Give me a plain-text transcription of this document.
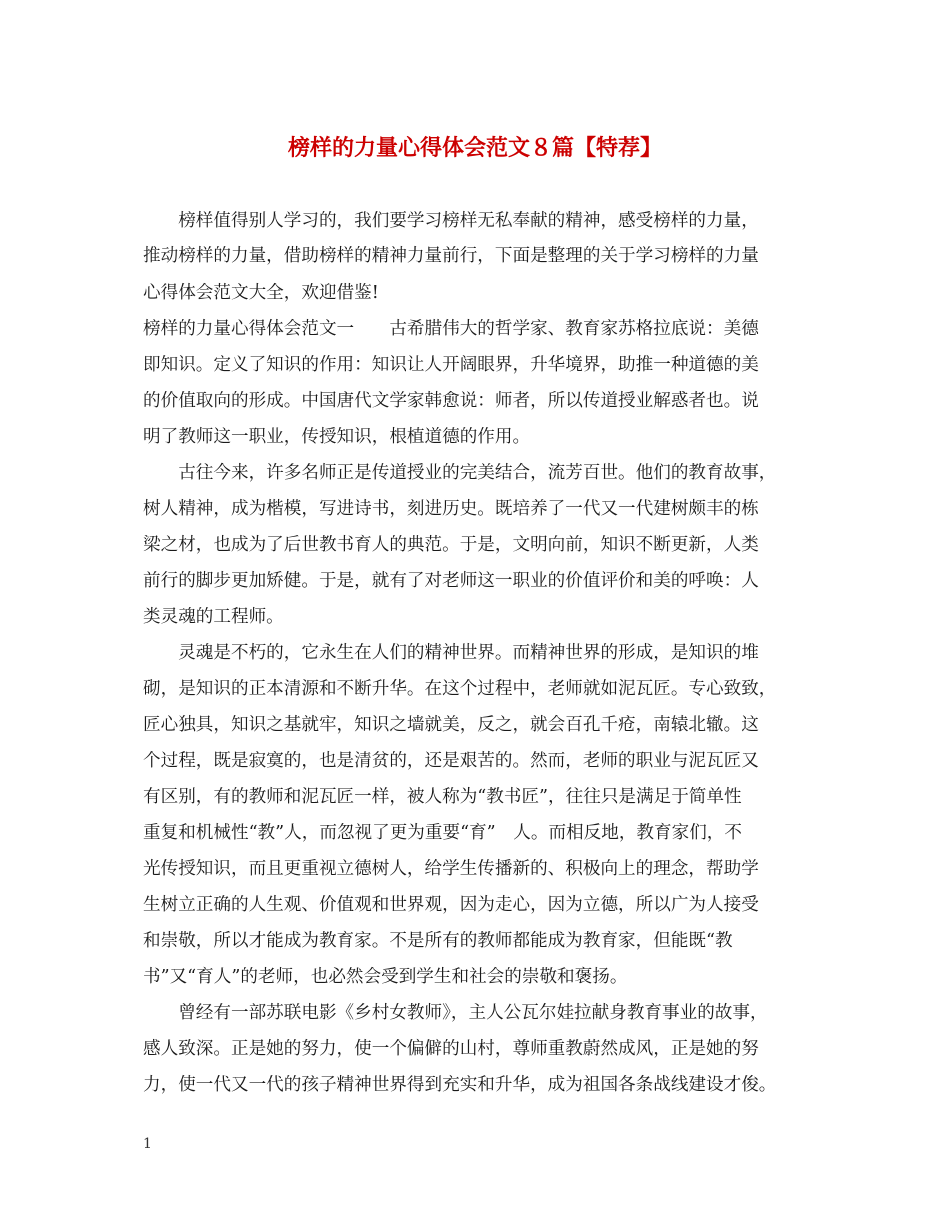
榜样的力量心得体会范文８篇【特荐】
　　榜样值得别人学习的，我们要学习榜样无私奉献的精神，感受榜样的力量，
推动榜样的力量，借助榜样的精神力量前行，下面是整理的关于学习榜样的力量
心得体会范文大全，欢迎借鉴!
榜样的力量心得体会范文一　　古希腊伟大的哲学家、教育家苏格拉底说：美德
即知识。定义了知识的作用：知识让人开阔眼界，升华境界，助推一种道德的美
的价值取向的形成。中国唐代文学家韩愈说：师者，所以传道授业解惑者也。说
明了教师这一职业，传授知识，根植道德的作用。
　　古往今来，许多名师正是传道授业的完美结合，流芳百世。他们的教育故事，
树人精神，成为楷模，写进诗书，刻进历史。既培养了一代又一代建树颇丰的栋
梁之材，也成为了后世教书育人的典范。于是，文明向前，知识不断更新，人类
前行的脚步更加矫健。于是，就有了对老师这一职业的价值评价和美的呼唤：人
类灵魂的工程师。
　　灵魂是不朽的，它永生在人们的精神世界。而精神世界的形成，是知识的堆
砌，是知识的正本清源和不断升华。在这个过程中，老师就如泥瓦匠。专心致致，
匠心独具，知识之基就牢，知识之墙就美，反之，就会百孔千疮，南辕北辙。这
个过程，既是寂寞的，也是清贫的，还是艰苦的。然而，老师的职业与泥瓦匠又
有区别，有的教师和泥瓦匠一样，被人称为“教书匠”，往往只是满足于简单性
重复和机械性“教”人，而忽视了更为重要“育”　人。而相反地，教育家们，不
光传授知识，而且更重视立德树人，给学生传播新的、积极向上的理念，帮助学
生树立正确的人生观、价值观和世界观，因为走心，因为立德，所以广为人接受
和崇敬，所以才能成为教育家。不是所有的教师都能成为教育家，但能既“教
书”又“育人”的老师，也必然会受到学生和社会的崇敬和褒扬。
　　曾经有一部苏联电影《乡村女教师》，主人公瓦尔娃拉献身教育事业的故事，
感人致深。正是她的努力，使一个偏僻的山村，尊师重教蔚然成风，正是她的努
力，使一代又一代的孩子精神世界得到充实和升华，成为祖国各条战线建设才俊。
1
